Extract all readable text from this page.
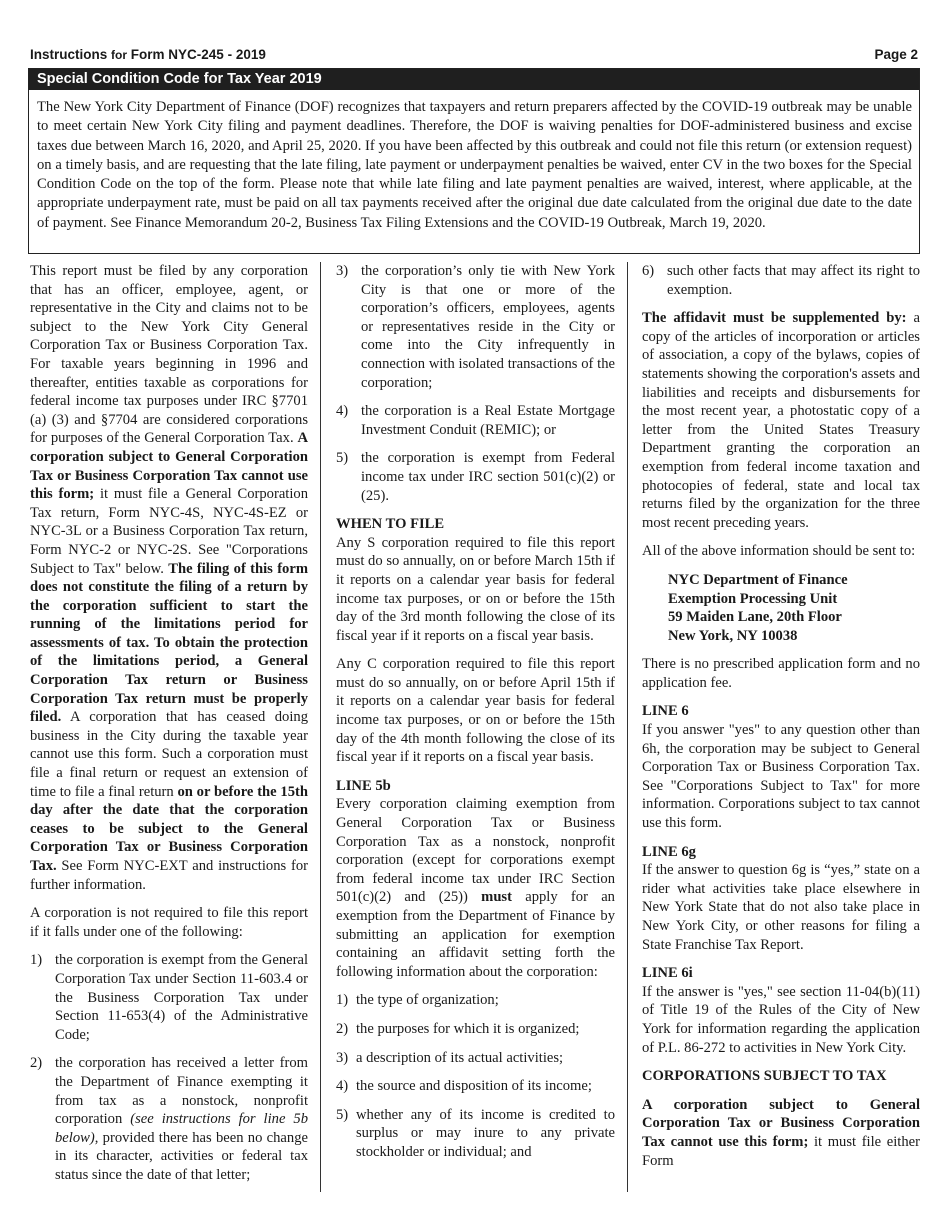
Instructions for Form NYC-245 - 2019	Page 2
Special Condition Code for Tax Year 2019
The New York City Department of Finance (DOF) recognizes that taxpayers and return preparers affected by the COVID-19 outbreak may be unable to meet certain New York City filing and payment deadlines. Therefore, the DOF is waiving penalties for DOF-administered business and excise taxes due between March 16, 2020, and April 25, 2020. If you have been affected by this outbreak and could not file this return (or extension request) on a timely basis, and are requesting that the late filing, late payment or underpayment penalties be waived, enter CV in the two boxes for the Special Condition Code on the top of the form. Please note that while late filing and late payment penalties are waived, interest, where applicable, at the appropriate underpayment rate, must be paid on all tax payments received after the original due date calculated from the original due date to the date of payment. See Finance Memorandum 20-2, Business Tax Filing Extensions and the COVID-19 Outbreak, March 19, 2020.

This report must be filed by any corporation that has an officer, employee, agent, or representative in the City and claims not to be subject to the New York City General Corporation Tax or Business Corporation Tax. For taxable years beginning in 1996 and thereafter, entities taxable as corporations for federal income tax purposes under IRC §7701 (a) (3) and §7704 are considered corporations for purposes of the General Corporation Tax. A corporation subject to General Corporation Tax or Business Corporation Tax cannot use this form; it must file a General Corporation Tax return, Form NYC-4S, NYC-4S-EZ or NYC-3L or a Business Corporation Tax return, Form NYC-2 or NYC-2S. See "Corporations Subject to Tax" below. The filing of this form does not constitute the filing of a return by the corporation sufficient to start the running of the limitations period for assessments of tax. To obtain the protection of the limitations period, a General Corporation Tax return or Business Corporation Tax return must be properly filed. A corporation that has ceased doing business in the City during the taxable year cannot use this form. Such a corporation must file a final return or request an extension of time to file a final return on or before the 15th day after the date that the corporation ceases to be subject to the General Corporation Tax or Business Corporation Tax. See Form NYC-EXT and instructions for further information.

A corporation is not required to file this report if it falls under one of the following:

1) the corporation is exempt from the General Corporation Tax under Section 11-603.4 or the Business Corporation Tax under Section 11-653(4) of the Administrative Code;
2) the corporation has received a letter from the Department of Finance exempting it from tax as a nonstock, nonprofit corporation (see instructions for line 5b below), provided there has been no change in its character, activities or federal tax status since the date of that letter;
3) the corporation’s only tie with New York City is that one or more of the corporation’s officers, employees, agents or representatives reside in the City or come into the City infrequently in connection with isolated transactions of the corporation;
4) the corporation is a Real Estate Mortgage Investment Conduit (REMIC); or
5) the corporation is exempt from Federal income tax under IRC section 501(c)(2) or (25).

WHEN TO FILE

Any S corporation required to file this report must do so annually, on or before March 15th if it reports on a calendar year basis for federal income tax purposes, or on or before the 15th day of the 3rd month following the close of its fiscal year if it reports on a fiscal year basis.

Any C corporation required to file this report must do so annually, on or before April 15th if it reports on a calendar year basis for federal income tax purposes, or on or before the 15th day of the 4th month following the close of its fiscal year if it reports on a fiscal year basis.

LINE 5b

Every corporation claiming exemption from General Corporation Tax or Business Corporation Tax as a nonstock, nonprofit corporation (except for corporations exempt from federal income tax under IRC Section 501(c)(2) and (25)) must apply for an exemption from the Department of Finance by submitting an application for exemption containing an affidavit setting forth the following information about the corporation:

1) the type of organization;
2) the purposes for which it is organized;
3) a description of its actual activities;
4) the source and disposition of its income;
5) whether any of its income is credited to surplus or may inure to any private stockholder or individual; and
6) such other facts that may affect its right to exemption.

The affidavit must be supplemented by: a copy of the articles of incorporation or articles of association, a copy of the bylaws, copies of statements showing the corporation's assets and liabilities and receipts and disbursements for the most recent year, a photostatic copy of a letter from the United States Treasury Department granting the corporation an exemption from federal income taxation and photocopies of federal, state and local tax returns filed by the organization for the three most recent preceding years.

All of the above information should be sent to:

NYC Department of Finance
Exemption Processing Unit
59 Maiden Lane, 20th Floor
New York, NY 10038

There is no prescribed application form and no application fee.

LINE 6

If you answer "yes" to any question other than 6h, the corporation may be subject to General Corporation Tax or Business Corporation Tax. See "Corporations Subject to Tax" for more information. Corporations subject to tax cannot use this form.

LINE 6g

If the answer to question 6g is “yes,” state on a rider what activities take place elsewhere in New York State that do not also take place in New York City, or other reasons for filing a State Franchise Tax Report.

LINE 6i

If the answer is "yes," see section 11-04(b)(11) of Title 19 of the Rules of the City of New York for information regarding the application of P.L. 86-272 to activities in New York City.

CORPORATIONS SUBJECT TO TAX

A corporation subject to General Corporation Tax or Business Corporation Tax cannot use this form; it must file either Form
